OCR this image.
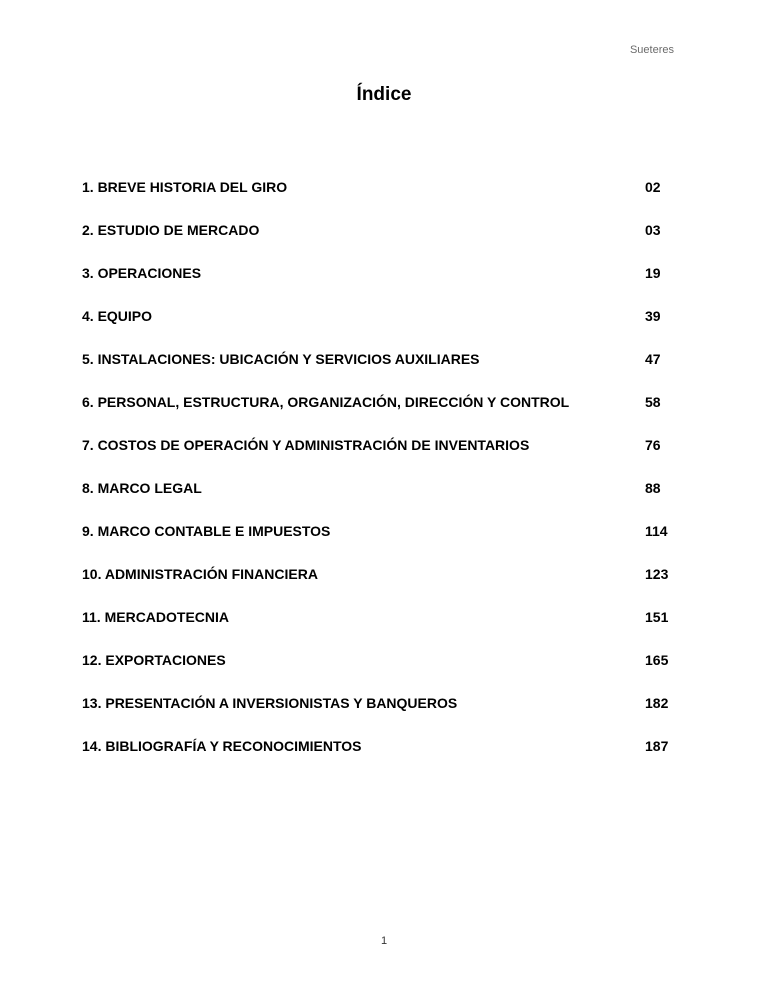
Sueteres
Índice
1. BREVE HISTORIA DEL GIRO	02
2. ESTUDIO DE MERCADO	03
3. OPERACIONES	19
4. EQUIPO	39
5. INSTALACIONES: UBICACIÓN Y SERVICIOS AUXILIARES	47
6. PERSONAL, ESTRUCTURA, ORGANIZACIÓN, DIRECCIÓN Y CONTROL	58
7. COSTOS DE OPERACIÓN Y ADMINISTRACIÓN DE INVENTARIOS	76
8. MARCO LEGAL	88
9. MARCO CONTABLE E IMPUESTOS	114
10. ADMINISTRACIÓN FINANCIERA	123
11. MERCADOTECNIA	151
12. EXPORTACIONES	165
13. PRESENTACIÓN A INVERSIONISTAS Y BANQUEROS	182
14. BIBLIOGRAFÍA Y RECONOCIMIENTOS	187
1
